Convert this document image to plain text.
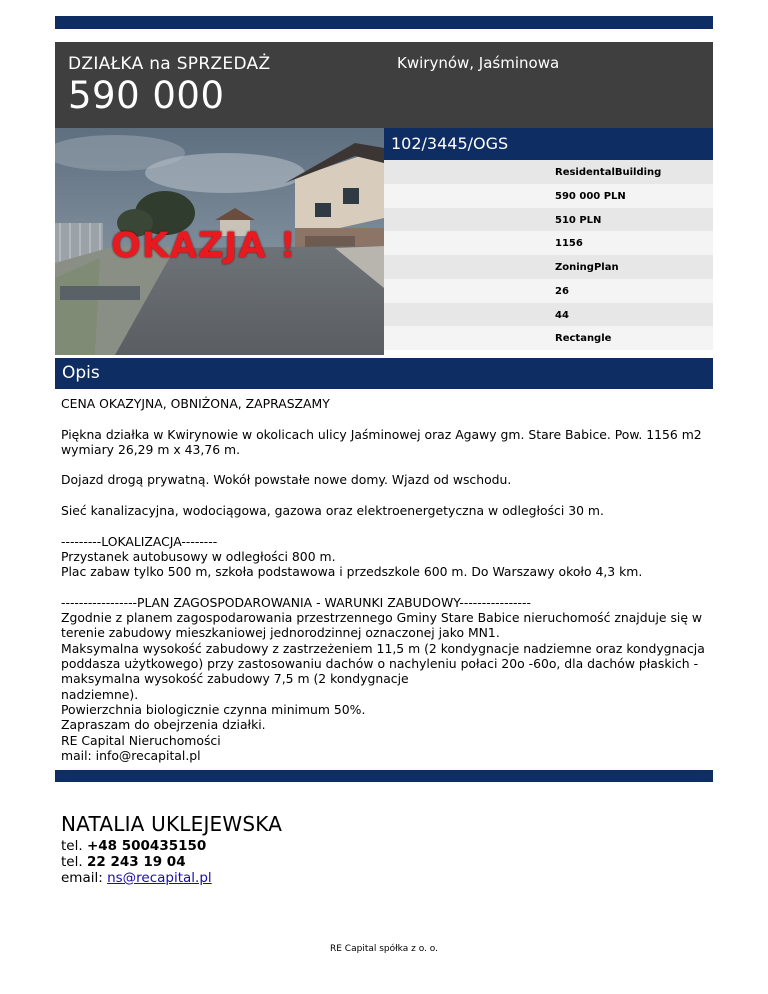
DZIAŁKA na SPRZEDAŻ
590 000
Kwirynów, Jaśminowa
OKAZJA !
102/3445/OGS
ResidentalBuilding
590 000 PLN
510 PLN
1156
ZoningPlan
26
44
Rectangle
Opis

CENA OKAZYJNA, OBNIŻONA, ZAPRASZAMY

Piękna działka w Kwirynowie w okolicach ulicy Jaśminowej oraz Agawy gm. Stare Babice. Pow. 1156 m2 wymiary 26,29 m x 43,76 m.

Dojazd drogą prywatną. Wokół powstałe nowe domy. Wjazd od wschodu.

Sieć kanalizacyjna, wodociągowa, gazowa oraz elektroenergetyczna w odległości 30 m.

---------LOKALIZACJA--------
Przystanek autobusowy w odległości 800 m.
Plac zabaw tylko 500 m, szkoła podstawowa i przedszkole 600 m. Do Warszawy około 4,3 km.

-----------------PLAN ZAGOSPODAROWANIA - WARUNKI ZABUDOWY----------------
Zgodnie z planem zagospodarowania przestrzennego Gminy Stare Babice nieruchomość znajduje się w terenie zabudowy mieszkaniowej jednorodzinnej oznaczonej jako MN1.
Maksymalna wysokość zabudowy z zastrzeżeniem 11,5 m (2 kondygnacje nadziemne oraz kondygnacja poddasza użytkowego) przy zastosowaniu dachów o nachyleniu połaci 20o -60o, dla dachów płaskich - maksymalna wysokość zabudowy 7,5 m (2 kondygnacje
nadziemne).
Powierzchnia biologicznie czynna minimum 50%.
Zapraszam do obejrzenia działki.
RE Capital Nieruchomości
mail: info@recapital.pl

NATALIA UKLEJEWSKA
tel. +48 500435150
tel. 22 243 19 04
email: ns@recapital.pl
RE Capital spółka z o. o.
